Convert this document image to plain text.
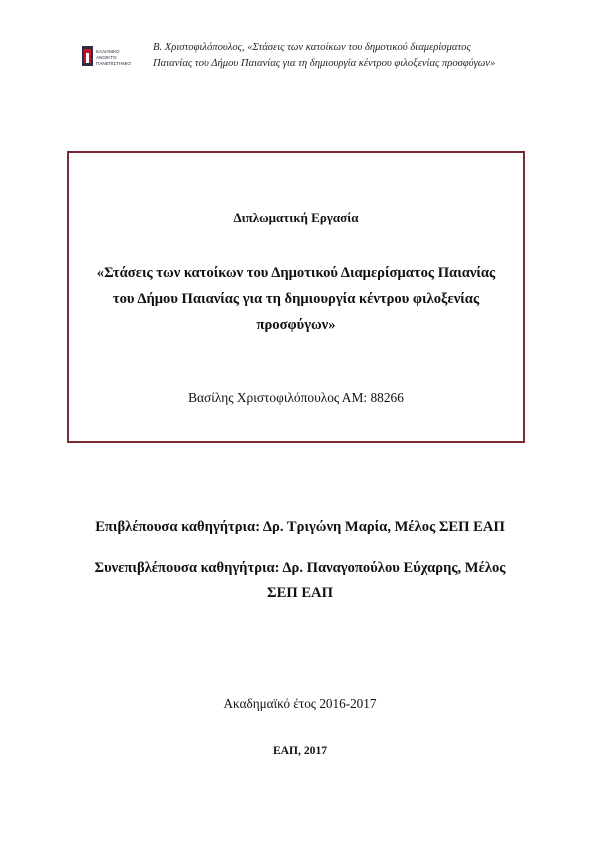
ΕΛΛΗΝΙΚΟ
ΑΝΟΙΚΤΟ
ΠΑΝΕΠΙΣΤΗΜΙΟ
Β. Χριστοφιλόπουλος, «Στάσεις των κατοίκων του δημοτικού διαμερίσματος
Παιανίας του Δήμου Παιανίας για τη δημιουργία κέντρου φιλοξενίας προσφύγων»
Διπλωματική Εργασία
«Στάσεις των κατοίκων του Δημοτικού Διαμερίσματος Παιανίας
του Δήμου Παιανίας για τη δημιουργία κέντρου φιλοξενίας
προσφύγων»
Βασίλης Χριστοφιλόπουλος ΑΜ: 88266
Επιβλέπουσα καθηγήτρια: Δρ. Τριγώνη Μαρία, Μέλος ΣΕΠ ΕΑΠ
Συνεπιβλέπουσα καθηγήτρια: Δρ. Παναγοπούλου Εύχαρης, Μέλος
ΣΕΠ ΕΑΠ
Ακαδημαϊκό έτος 2016-2017
ΕΑΠ, 2017
